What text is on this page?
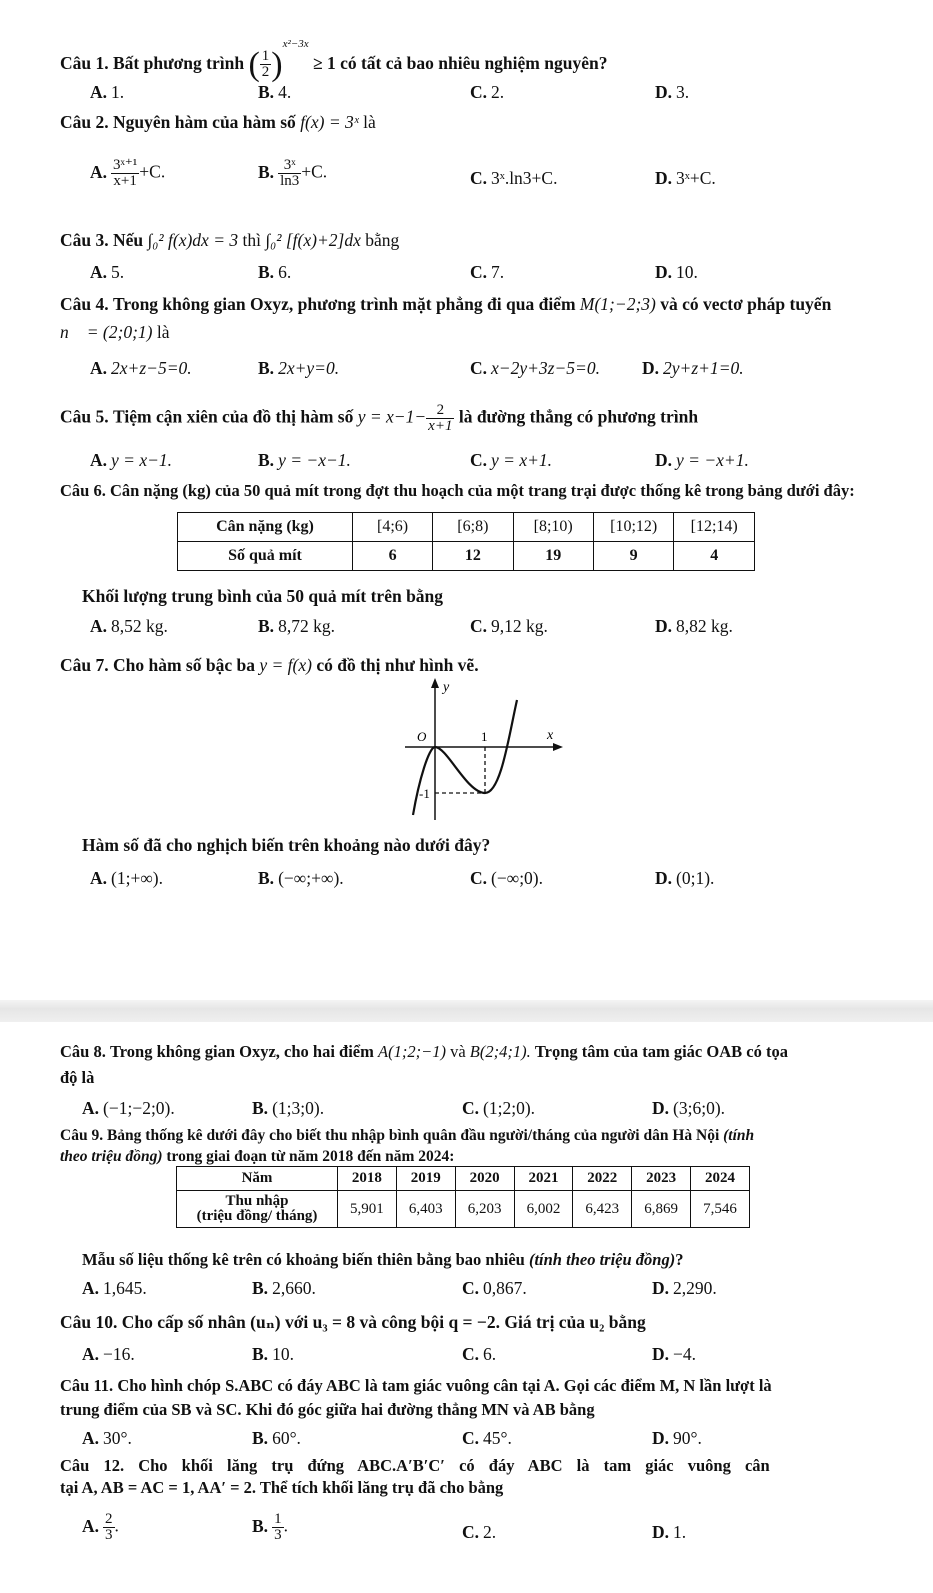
Câu 1. Bất phương trình ( $\frac{1}{2} )^{x^2-3x} \ge 1$ có tất cả bao nhiêu nghiệm nguyên?
A. 1.	B. 4.	C. 2.	D. 3.
Câu 2. Nguyên hàm của hàm số f(x) = 3ˣ là
A. $\frac{\text{3ˣ⁺¹}}{x+1} +C$.	B. $\frac{\text{3ˣ}}{\ln 3} +C$.	C. 3ˣ.ln3+C.	D. 3ˣ+C.
Câu 3. Nếu ∫₀² f(x)dx = 3 thì ∫₀² [f(x)+2]dx bằng
A. 5.	B. 6.	C. 7.	D. 10.
Câu 4. Trong không gian Oxyz, phương trình mặt phẳng đi qua điểm M(1;−2;3) và có vectơ pháp tuyến
n⃗ = (2;0;1) là
A. 2x+z−5=0.	B. 2x+y=0.	C. x−2y+3z−5=0. D. 2y+z+1=0.
Câu 5. Tiệm cận xiên của đồ thị hàm số $y = x-1- \frac{2}{x+1}$ là đường thẳng có phương trình
A. y = x−1.	B. y = −x−1.	C. y = x+1.	D. y = −x+1.
Câu 6. Cân nặng (kg) của 50 quả mít trong đợt thu hoạch của một trang trại được thống kê trong bảng dưới đây:
Cân nặng (kg)	[4;6)	[6;8)	[8;10)	[10;12)	[12;14)
Số quả mít	6	12	19	9	4
Khối lượng trung bình của 50 quả mít trên bằng
A. 8,52 kg.	B. 8,72 kg.	C. 9,12 kg.	D. 8,82 kg.
Câu 7. Cho hàm số bậc ba y = f(x) có đồ thị như hình vẽ.
y
x
O	1
-1
Hàm số đã cho nghịch biến trên khoảng nào dưới đây?
A. (1;+∞).	B. (−∞;+∞).	C. (−∞;0).	D. (0;1).
Câu 8. Trong không gian Oxyz, cho hai điểm A(1;2;−1) và B(2;4;1). Trọng tâm của tam giác OAB có tọa
độ là
A. (−1;−2;0).	B. (1;3;0).	C. (1;2;0).	D. (3;6;0).
Câu 9. Bảng thống kê dưới đây cho biết thu nhập bình quân đầu người/tháng của người dân Hà Nội (tính
theo triệu đồng) trong giai đoạn từ năm 2018 đến năm 2024:
Năm	2018	2019	2020	2021	2022	2023	2024
Thu nhập
(triệu đồng/ tháng)	5,901	6,403	6,203	6,002	6,423	6,869	7,546
Mẫu số liệu thống kê trên có khoảng biến thiên bằng bao nhiêu (tính theo triệu đồng)?
A. 1,645.	B. 2,660.	C. 0,867.	D. 2,290.
Câu 10. Cho cấp số nhân (uₙ) với u₃ = 8 và công bội q = −2. Giá trị của u₂ bằng
A. −16.	B. 10.	C. 6.	D. −4.
Câu 11. Cho hình chóp S.ABC có đáy ABC là tam giác vuông cân tại A. Gọi các điểm M, N lần lượt là
trung điểm của SB và SC. Khi đó góc giữa hai đường thẳng MN và AB bằng
A. 30°.	B. 60°.	C. 45°.	D. 90°.
Câu 12. Cho khối lăng trụ đứng ABC.A′B′C′ có đáy ABC là tam giác vuông cân
tại A, AB = AC = 1, AA′ = 2. Thể tích khối lăng trụ đã cho bằng
A. $\frac{2}{3}$ .	B. $\frac{1}{3}$ .	C. 2.	D. 1.
